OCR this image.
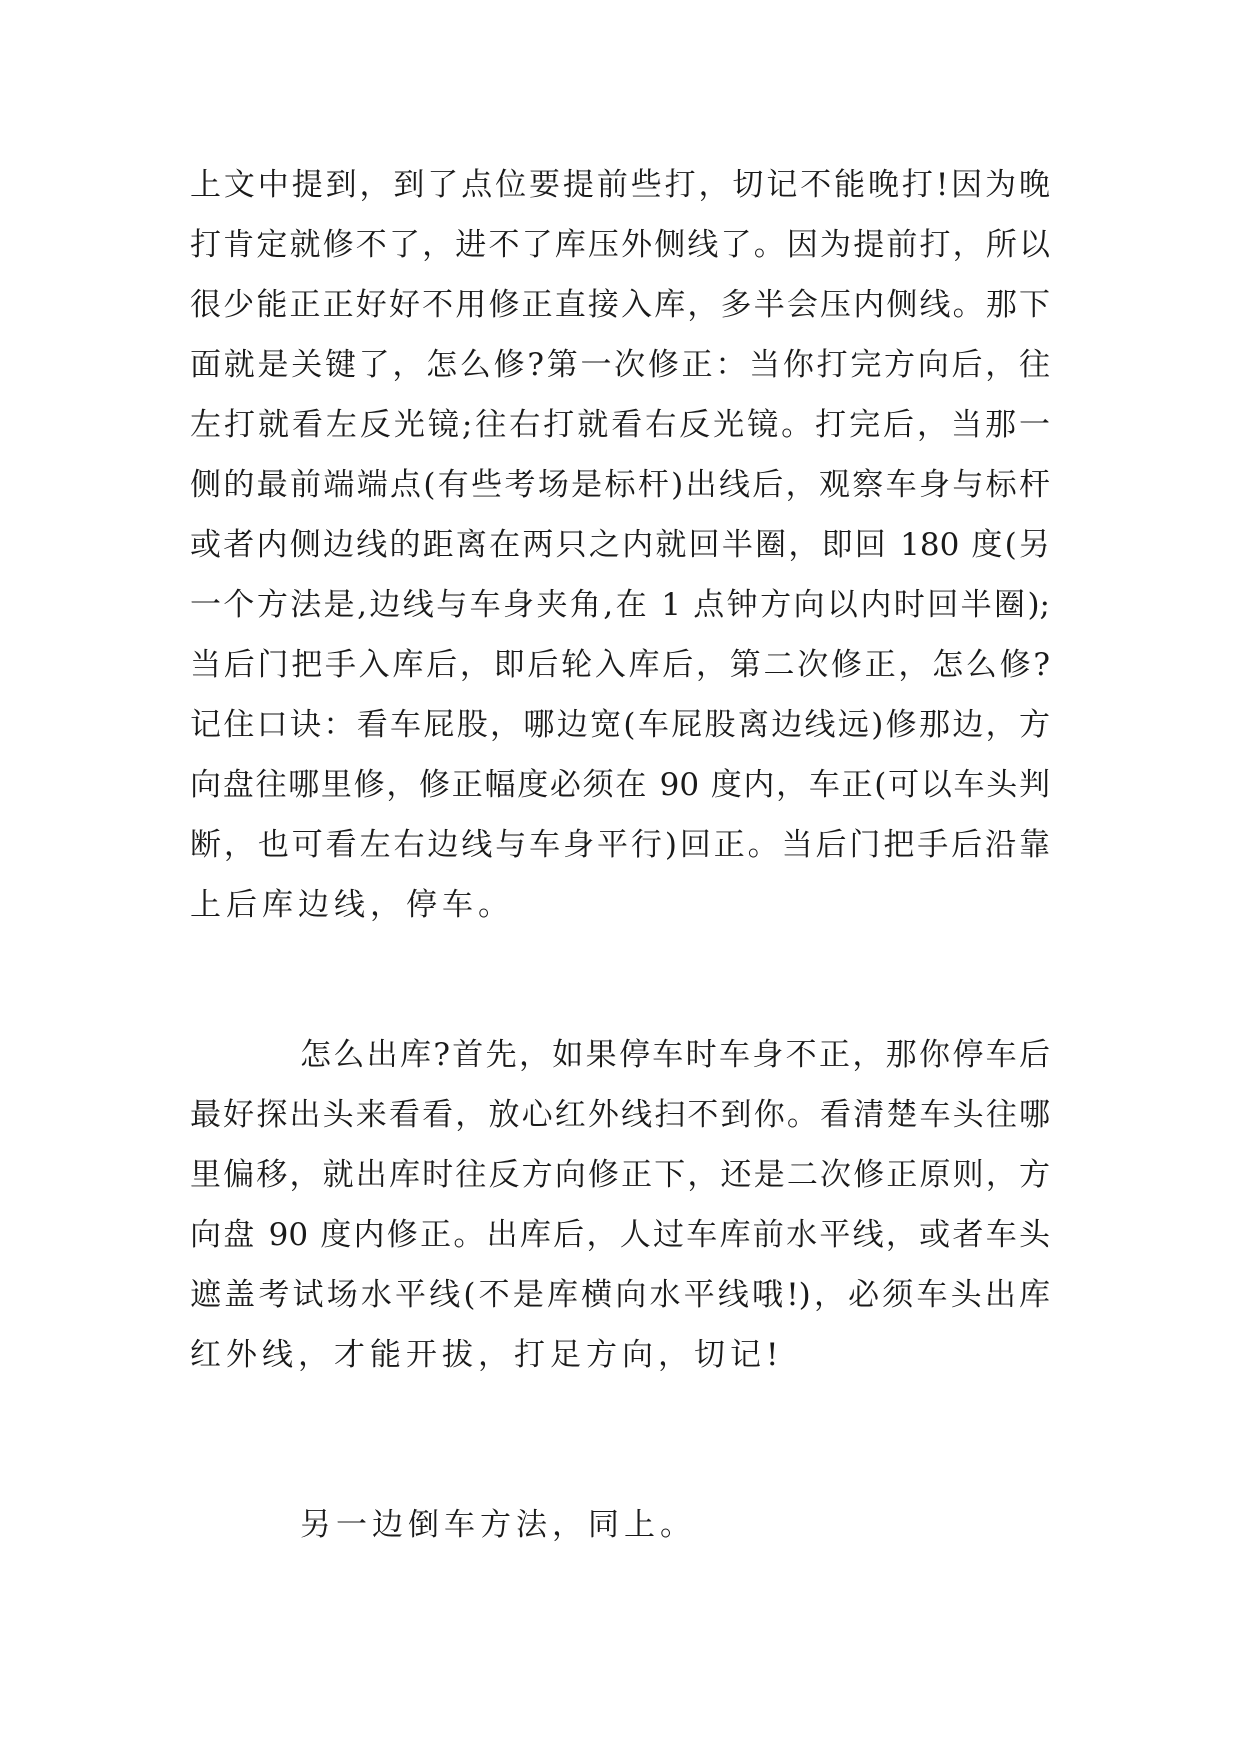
上文中提到，到了点位要提前些打，切记不能晚打!因为晚
打肯定就修不了，进不了库压外侧线了。因为提前打，所以
很少能正正好好不用修正直接入库，多半会压内侧线。那下
面就是关键了，怎么修?第一次修正：当你打完方向后，往
左打就看左反光镜;往右打就看右反光镜。打完后，当那一
侧的最前端端点(有些考场是标杆)出线后，观察车身与标杆
或者内侧边线的距离在两只之内就回半圈，即回 180 度(另
一个方法是,边线与车身夹角,在 1 点钟方向以内时回半圈);
当后门把手入库后，即后轮入库后，第二次修正，怎么修?
记住口诀：看车屁股，哪边宽(车屁股离边线远)修那边，方
向盘往哪里修，修正幅度必须在 90 度内，车正(可以车头判
断，也可看左右边线与车身平行)回正。当后门把手后沿靠
上后库边线，停车。
怎么出库?首先，如果停车时车身不正，那你停车后
最好探出头来看看，放心红外线扫不到你。看清楚车头往哪
里偏移，就出库时往反方向修正下，还是二次修正原则，方
向盘 90 度内修正。出库后，人过车库前水平线，或者车头
遮盖考试场水平线(不是库横向水平线哦!)，必须车头出库
红外线，才能开拔，打足方向，切记!
另一边倒车方法，同上。
